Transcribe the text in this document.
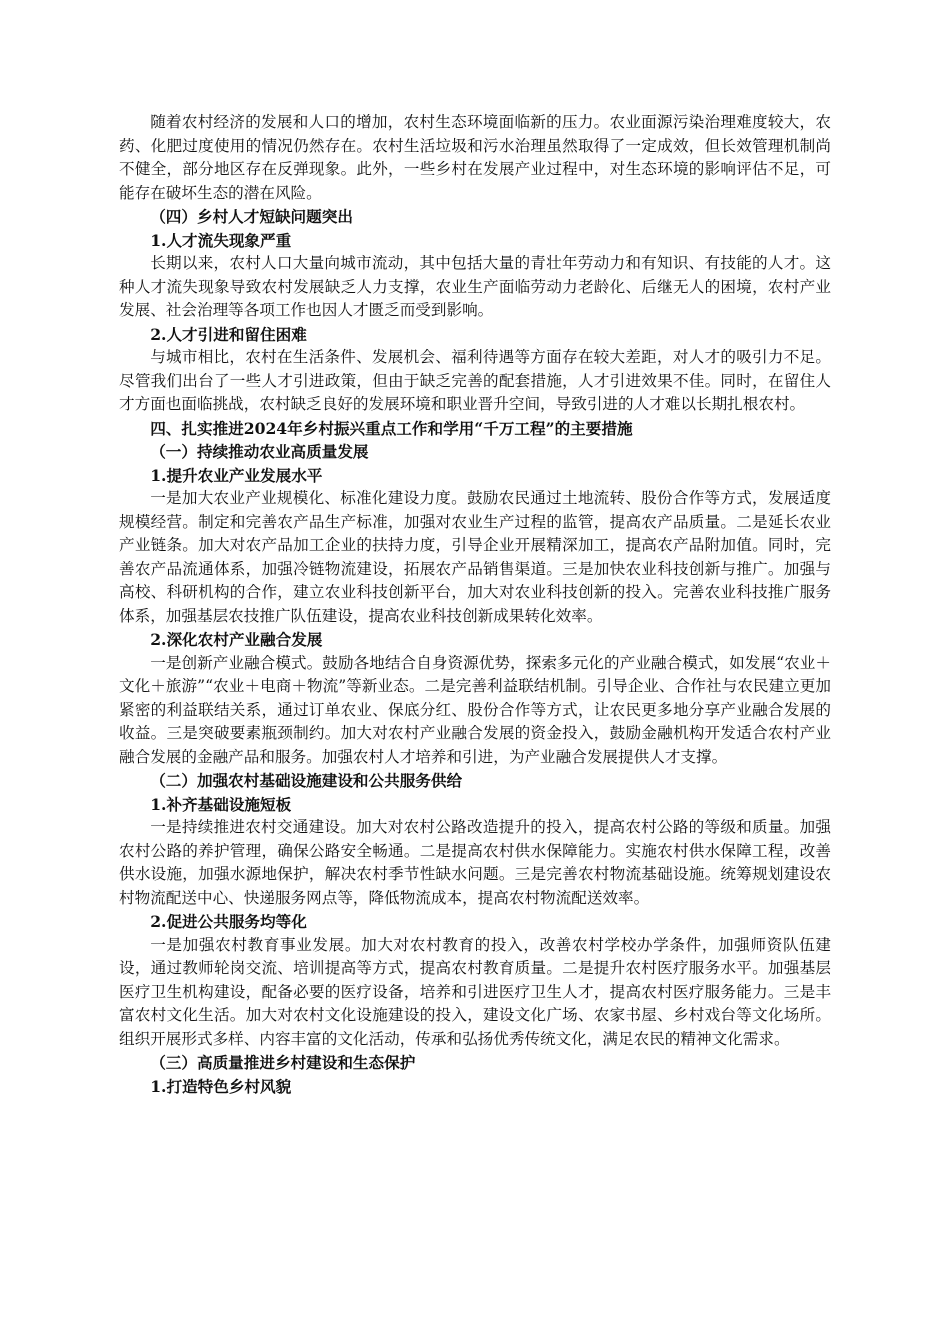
随着农村经济的发展和人口的增加，农村生态环境面临新的压力。农业面源污染治理难度较大，农药、化肥过度使用的情况仍然存在。农村生活垃圾和污水治理虽然取得了一定成效，但长效管理机制尚不健全，部分地区存在反弹现象。此外，一些乡村在发展产业过程中，对生态环境的影响评估不足，可能存在破坏生态的潜在风险。

（四）乡村人才短缺问题突出

1.人才流失现象严重

长期以来，农村人口大量向城市流动，其中包括大量的青壮年劳动力和有知识、有技能的人才。这种人才流失现象导致农村发展缺乏人力支撑，农业生产面临劳动力老龄化、后继无人的困境，农村产业发展、社会治理等各项工作也因人才匮乏而受到影响。

2.人才引进和留住困难

与城市相比，农村在生活条件、发展机会、福利待遇等方面存在较大差距，对人才的吸引力不足。尽管我们出台了一些人才引进政策，但由于缺乏完善的配套措施，人才引进效果不佳。同时，在留住人才方面也面临挑战，农村缺乏良好的发展环境和职业晋升空间，导致引进的人才难以长期扎根农村。

四、扎实推进2024年乡村振兴重点工作和学用“千万工程”的主要措施

（一）持续推动农业高质量发展

1.提升农业产业发展水平

一是加大农业产业规模化、标准化建设力度。鼓励农民通过土地流转、股份合作等方式，发展适度规模经营。制定和完善农产品生产标准，加强对农业生产过程的监管，提高农产品质量。二是延长农业产业链条。加大对农产品加工企业的扶持力度，引导企业开展精深加工，提高农产品附加值。同时，完善农产品流通体系，加强冷链物流建设，拓展农产品销售渠道。三是加快农业科技创新与推广。加强与高校、科研机构的合作，建立农业科技创新平台，加大对农业科技创新的投入。完善农业科技推广服务体系，加强基层农技推广队伍建设，提高农业科技创新成果转化效率。

2.深化农村产业融合发展

一是创新产业融合模式。鼓励各地结合自身资源优势，探索多元化的产业融合模式，如发展“农业＋文化＋旅游”“农业＋电商＋物流”等新业态。二是完善利益联结机制。引导企业、合作社与农民建立更加紧密的利益联结关系，通过订单农业、保底分红、股份合作等方式，让农民更多地分享产业融合发展的收益。三是突破要素瓶颈制约。加大对农村产业融合发展的资金投入，鼓励金融机构开发适合农村产业融合发展的金融产品和服务。加强农村人才培养和引进，为产业融合发展提供人才支撑。

（二）加强农村基础设施建设和公共服务供给

1.补齐基础设施短板

一是持续推进农村交通建设。加大对农村公路改造提升的投入，提高农村公路的等级和质量。加强农村公路的养护管理，确保公路安全畅通。二是提高农村供水保障能力。实施农村供水保障工程，改善供水设施，加强水源地保护，解决农村季节性缺水问题。三是完善农村物流基础设施。统筹规划建设农村物流配送中心、快递服务网点等，降低物流成本，提高农村物流配送效率。

2.促进公共服务均等化

一是加强农村教育事业发展。加大对农村教育的投入，改善农村学校办学条件，加强师资队伍建设，通过教师轮岗交流、培训提高等方式，提高农村教育质量。二是提升农村医疗服务水平。加强基层医疗卫生机构建设，配备必要的医疗设备，培养和引进医疗卫生人才，提高农村医疗服务能力。三是丰富农村文化生活。加大对农村文化设施建设的投入，建设文化广场、农家书屋、乡村戏台等文化场所。组织开展形式多样、内容丰富的文化活动，传承和弘扬优秀传统文化，满足农民的精神文化需求。

（三）高质量推进乡村建设和生态保护

1.打造特色乡村风貌
